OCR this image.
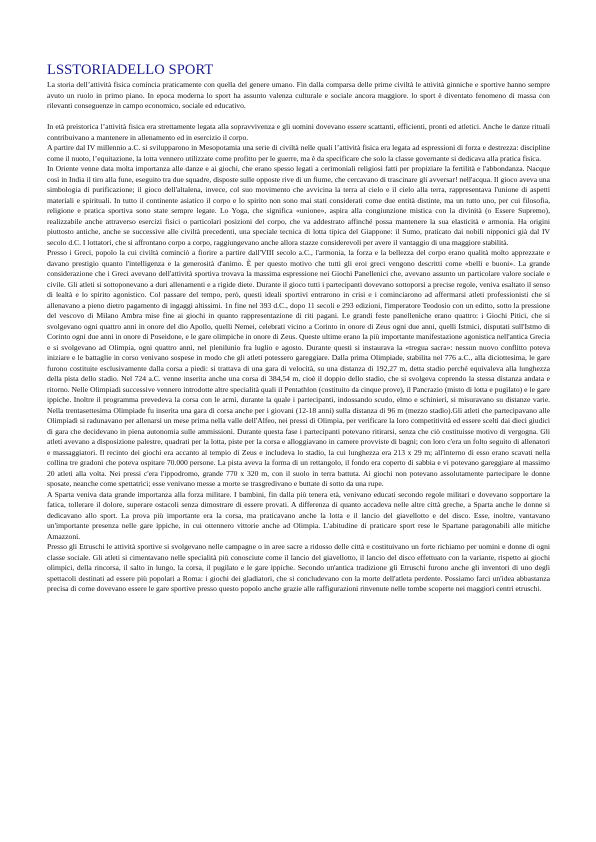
LSSTORIADELLO SPORT

La storia dell’attività fisica comincia praticamente con quella del genere umano. Fin dalla comparsa delle prime civiltà le attività ginniche e sportive hanno sempre avuto un ruolo in primo piano. In epoca moderna lo sport ha assunto valenza culturale e sociale ancora maggiore. lo sport è diventato fenomeno di massa con rilevanti conseguenze in campo economico, sociale ed educativo.

In età preistorica l’attività fisica era strettamente legata alla sopravvivenza e gli uomini dovevano essere scattanti, efficienti, pronti ed atletici. Anche le danze rituali contribuivano a mantenere in allenamento ed in esercizio il corpo.

A partire dal IV millennio a.C. si svilupparono in Mesopotamia una serie di civiltà nelle quali l’attività fisica era legata ad espressioni di forza e destrezza: discipline come il nuoto, l’equitazione, la lotta vennero utilizzate come profitto per le guerre, ma è da specificare che solo la classe governante si dedicava alla pratica fisica.

In Oriente venne data molta importanza alle danze e ai giochi, che erano spesso legati a cerimoniali religiosi fatti per propiziare la fertilità e l'abbondanza. Nacque così in India il tiro alla fune, eseguito tra due squadre, disposte sulle opposte rive di un fiume, che cercavano di trascinare gli avversar! nell'acqua. Il gioco aveva una simbologia di purificazione; il gioco dell'altalena, invece, col suo movimento che avvicina la terra al cielo e il cielo alla terra, rappresentava l'unione di aspetti materiali e spirituali. In tutto il continente asiatico il corpo e lo spirito non sono mai stati considerati come due entità distinte, ma un tutto uno, per cui filosofia, religione e pratica sportiva sono state sempre legate. Lo Yoga, che significa «unione», aspira alla congiunzione mistica con la divinità (o Essere Supremo), realizzabile anche attraverso esercizi fisici o particolari posizioni del corpo, che va addestrato affinché possa mantenere la sua elasticità e armonia. Ha origini piuttosto antiche, anche se successive alle civiltà precedenti, una speciale tecnica di lotta tipica del Giappone: il Sumo, praticato dai nobili nipponici già dal IV secolo d.C. I lottatori, che si affrontano corpo a corpo, raggiungevano anche allora stazze considerevoli per avere il vantaggio di una maggiore stabilità.

Presso i Greci, popolo la cui civiltà cominciò a fiorire a partire dall'VIII secolo a.C., l'armonia, la forza e la bellezza del corpo erano qualità molto apprezzate e davano prestigio quanto l'intelligenza e la generosità d'animo. È per questo motivo che tutti gli eroi greci vengono descritti come «belli e buoni». La grande considerazione che i Greci avevano dell'attività sportiva trovava la massima espressione nei Giochi Panellenici che, avevano assunto un particolare valore sociale e civile. Gli atleti si sottoponevano a duri allenamenti e a rigide diete. Durante il gioco tutti i partecipanti dovevano sottoporsi a precise regole, veniva esaltato il senso di lealtà e lo spirito agonistico. Col passare del tempo, però, questi ideali sportivi entrarono in crisi e i cominciarono ad affermarsi atleti professionisti che si allenavano a pieno dietro pagamento di ingaggi altissimi. 1n fine nel 393 d.C., dopo 11 secoli e 293 edizioni, l'imperatore Teodosio con un editto, sotto la pressione del vescovo di Milano Ambra mise fine ai giochi in quanto rappresentazione di riti pagani. Le grandi feste panelleniche erano quattro: i Giochi Pitici, che si svolgevano ogni quattro anni in onore del dio Apollo, quelli Nemei, celebrati vicino a Corinto in onore di Zeus ogni due anni, quelli Istmici, disputati sull'Istmo di Corinto ogni due anni in onore di Poseidone, e le gare olimpiche in onore di Zeus. Queste ultime erano la più importante manifestazione agonistica nell'antica Grecia e si svolgevano ad Olimpia, ogni quattro anni, nel plenilunio fra luglio e agosto. Durante questi si instaurava la «tregua sacra»: nessun nuovo conflitto poteva iniziare e le battaglie in corso venivano sospese in modo che gli atleti potessero gareggiare. Dalla prima Olimpiade, stabilita nel 776 a.C., alla diciottesima, le gare furono costituite esclusivamente dalla corsa a piedi: si trattava di una gara di velocità, su una distanza di 192,27 m, detta stadio perché equivaleva alla lunghezza della pista dello stadio. Nel 724 a.C. venne inserita anche una corsa di 384,54 m, cioè il doppio dello stadio, che si svolgeva coprendo la stessa distanza andata e ritorno. Nelle Olimpiadi successive vennero introdotte altre specialità quali il Pentathlon (costituito da cinque prove), il Pancrazio (misto di lotta e pugilato) e le gare ippiche. Inoltre il programma prevedeva la corsa con le armi, durante la quale i partecipanti, indossando scudo, elmo e schinieri, si misuravano su distanze varie. Nella trentasettesima Olimpiade fu inserita una gara di corsa anche per i giovani (12-18 anni) sulla distanza di 96 m (mezzo stadio).Gli atleti che partecipavano alle Olimpiadi si radunavano per allenarsi un mese prima nella valle dell'Alfeo, nei pressi di Olimpia, per verificare la loro competitività ed essere scelti dai dieci giudici di gara che decidevano in piena autonomia sulle ammissioni. Durante questa fase i partecipanti potevano ritirarsi, senza che ciò costituisse motivo di vergogna. Gli atleti avevano a disposizione palestre, quadrati per la lotta, piste per la corsa e alloggiavano in camere provviste di bagni; con loro c'era un folto seguito di allenatori e massaggiatori. Il recinto dei giochi era accanto al tempio di Zeus e includeva lo stadio, la cui lunghezza era 213 x 29 m; all'interno di esso erano scavati nella collina tre gradoni che poteva ospitare 70.000 persone. La pista aveva la forma di un rettangolo, il fondo era coperto di sabbia e vi potevano gareggiare al massimo 20 atleti alla volta. Nei pressi c'era l'ippodromo, grande 770 x 320 m, con il suolo in terra battuta. Ai giochi non potevano assolutamente partecipare le donne sposate, neanche come spettatrici; esse venivano messe a morte se trasgredivano e buttate di sotto da una rupe.

A Sparta veniva data grande importanza alla forza militare. I bambini, fin dalla più tenera età, venivano educati secondo regole militari e dovevano sopportare la fatica, tollerare il dolore, superare ostacoli senza dimostrare di essere provati. A differenza di quanto accadeva nelle altre città greche, a Sparta anche le donne si dedicavano allo sport. La prova più importante era la corsa, ma praticavano anche la lotta e il lancio del giavellotto e del disco. Esse, inoltre, vantavano un'importante presenza nelle gare ippiche, in cui ottennero vittorie anche ad Olimpia. L'abitudine di praticare sport rese le Spartane paragonabili alle mitiche Amazzoni.

Presso gli Etruschi le attività sportive si svolgevano nelle campagne o in aree sacre a ridosso delle città e costituivano un forte richiamo per uomini e donne di ogni classe sociale. Gli atleti si cimentavano nelle specialità più conosciute come il lancio del giavellotto, il lancio del disco effettuato con la variante, rispetto ai giochi olimpici, della rincorsa, il salto in lungo, la corsa, il pugilato e le gare ippiche. Secondo un'antica tradizione gli Etruschi furono anche gli inventori di uno degli spettacoli destinati ad essere più popolari a Roma: i giochi dei gladiatori, che si concludevano con la morte dell'atleta perdente. Possiamo farci un'idea abbastanza precisa di come dovevano essere le gare sportive presso questo popolo anche grazie alle raffigurazioni rinvenute nelle tombe scoperte nei maggiori centri etruschi.
